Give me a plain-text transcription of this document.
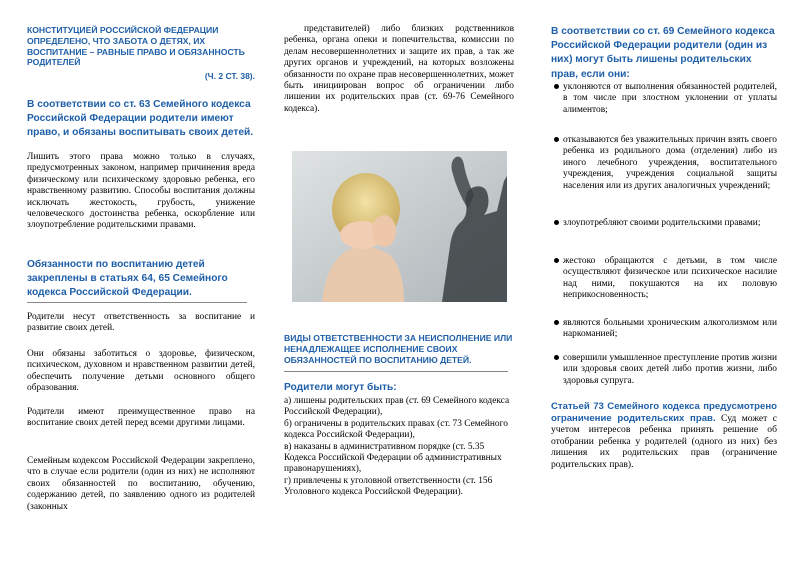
КОНСТИТУЦИЕЙ РОССИЙСКОЙ ФЕДЕРАЦИИ ОПРЕДЕЛЕНО, ЧТО ЗАБОТА О ДЕТЯХ, ИХ ВОСПИТАНИЕ – РАВНЫЕ ПРАВО И ОБЯЗАННОСТЬ РОДИТЕЛЕЙ
(Ч. 2 СТ. 38).
В соответствии со ст. 63 Семейного кодекса Российской Федерации родители имеют право, и обязаны воспитывать своих детей.
Лишить этого права можно только в случаях, предусмотренных законом, например причинения вреда физическому или психическому здоровью ребенка, его нравственному развитию. Способы воспитания должны исключать жестокость, грубость, унижение человеческого достоинства ребенка, оскорбление или злоупотребление родительскими правами.
Обязанности по воспитанию детей закреплены в статьях 64, 65 Семейного кодекса Российской Федерации.
Родители несут ответственность за воспитание и развитие своих детей.
Они обязаны заботиться о здоровье, физическом, психическом, духовном и нравственном развитии детей, обеспечить получение детьми основного общего образования.
Родители имеют преимущественное право на воспитание своих детей перед всеми другими лицами.
Семейным кодексом Российской Федерации закреплено, что в случае если родители (один из них) не исполняют своих обязанностей по воспитанию, обучению, содержанию детей, по заявлению одного из родителей (законных
представителей) либо близких родственников ребенка, органа опеки и попечительства, комиссии по делам несовершеннолетних и защите их прав, а так же других органов и учреждений, на которых возложены обязанности по охране прав несовершеннолетних, может быть инициирован вопрос об ограничении либо лишении их родительских прав (ст. 69-76 Семейного кодекса).
ВИДЫ ОТВЕТСТВЕННОСТИ ЗА НЕИСПОЛНЕНИЕ ИЛИ НЕНАДЛЕЖАЩЕЕ ИСПОЛНЕНИЕ СВОИХ ОБЯЗАННОСТЕЙ ПО ВОСПИТАНИЮ ДЕТЕЙ.
Родители могут быть:
а) лишены родительских прав (ст. 69 Семейного кодекса Российской Федерации),
б) ограничены в родительских правах (ст. 73 Семейного кодекса Российской Федерации),
в) наказаны в административном порядке (ст. 5.35 Кодекса Российской Федерации об административных правонарушениях),
г) привлечены к уголовной ответственности (ст. 156 Уголовного кодекса Российской Федерации).
В соответствии со ст. 69 Семейного кодекса Российской Федерации родители (один из них) могут быть лишены родительских прав, если они:
уклоняются от выполнения обязанностей родителей, в том числе при злостном уклонении от уплаты алиментов;
отказываются без уважительных причин взять своего ребенка из родильного дома (отделения) либо из иного лечебного учреждения, воспитательного учреждения, учреждения социальной защиты населения или из других аналогичных учреждений;
злоупотребляют своими родительскими правами;
жестоко обращаются с детьми, в том числе осуществляют физическое или психическое насилие над ними, покушаются на их половую неприкосновенность;
являются больными хроническим алкоголизмом или наркоманией;
совершили умышленное преступление против жизни или здоровья своих детей либо против жизни, либо здоровья супруга.
Статьей 73 Семейного кодекса предусмотрено ограничение родительских прав. Суд может с учетом интересов ребенка принять решение об отобрании ребенка у родителей (одного из них) без лишения их родительских прав (ограничение родительских прав).
